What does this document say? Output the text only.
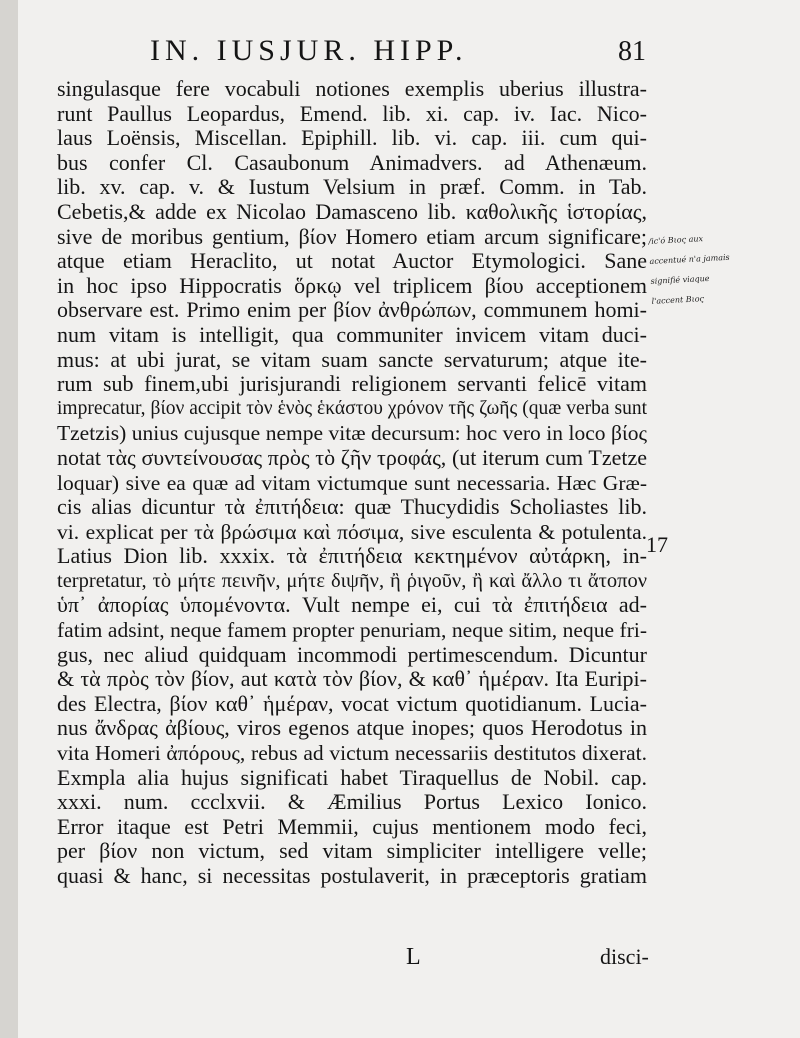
IN. IUSJUR. HIPP.	81
singulasque fere vocabuli notiones exemplis uberius illustra-
runt Paullus Leopardus, Emend. lib. xi. cap. iv. Iac. Nico-
laus Loënsis, Miscellan. Epiphill. lib. vi. cap. iii. cum qui-
bus confer Cl. Casaubonum Animadvers. ad Athenæum.
lib. xv. cap. v. & Iustum Velsium in præf. Comm. in Tab.
Cebetis,& adde ex Nicolao Damasceno lib. καθολικῆς ἱστορίας,
sive de moribus gentium, βίον Homero etiam arcum significare;
atque etiam Heraclito, ut notat Auctor Etymologici. Sane
in hoc ipso Hippocratis ὅρκῳ vel triplicem βίου acceptionem
observare est. Primo enim per βίον ἀνθρώπων, communem homi-
num vitam is intelligit, qua communiter invicem vitam duci-
mus: at ubi jurat, se vitam suam sancte servaturum; atque ite-
rum sub finem,ubi jurisjurandi religionem servanti felicē vitam
imprecatur, βίον accipit τὸν ἑνὸς ἑκάστου χρόνον τῆς ζωῆς (quæ verba sunt
Tzetzis) unius cujusque nempe vitæ decursum: hoc vero in loco βίος
notat τὰς συντείνουσας πρὸς τὸ ζῆν τροφάς, (ut iterum cum Tzetze
loquar) sive ea quæ ad vitam victumque sunt necessaria. Hæc Græ-
cis alias dicuntur τὰ ἐπιτήδεια: quæ Thucydidis Scholiastes lib.
vi. explicat per τὰ βρώσιμα καὶ πόσιμα, sive esculenta & potulenta.
Latius Dion lib. xxxix. τὰ ἐπιτήδεια κεκτημένον αὐτάρκη, in-
terpretatur, τὸ μήτε πεινῆν, μήτε διψῆν, ἢ ῥιγοῦν, ἢ καὶ ἄλλο τι ἄτοπον
ὑπ᾽ ἀπορίας ὑπομένοντα. Vult nempe ei, cui τὰ ἐπιτήδεια ad-
fatim adsint, neque famem propter penuriam, neque sitim, neque fri-
gus, nec aliud quidquam incommodi pertimescendum. Dicuntur
& τὰ πρὸς τὸν βίον, aut κατὰ τὸν βίον, & καθ᾽ ἡμέραν. Ita Euripi-
des Electra, βίον καθ᾽ ἡμέραν, vocat victum quotidianum. Lucia-
nus ἄνδρας ἀβίους, viros egenos atque inopes; quos Herodotus in
vita Homeri ἀπόρους, rebus ad victum necessariis destitutos dixerat.
Exmpla alia hujus significati habet Tiraquellus de Nobil. cap.
xxxi. num. ccclxvii. & Æmilius Portus Lexico Ionico.
Error itaque est Petri Memmii, cujus mentionem modo feci,
per βίον non victum, sed vitam simpliciter intelligere velle;
quasi & hanc, si necessitas postulaverit, in præceptoris gratiam
/ic'ó Βιος aux
accentué n'a jamais
signifié viaque
l'accent Βιος
17
L	disci-
